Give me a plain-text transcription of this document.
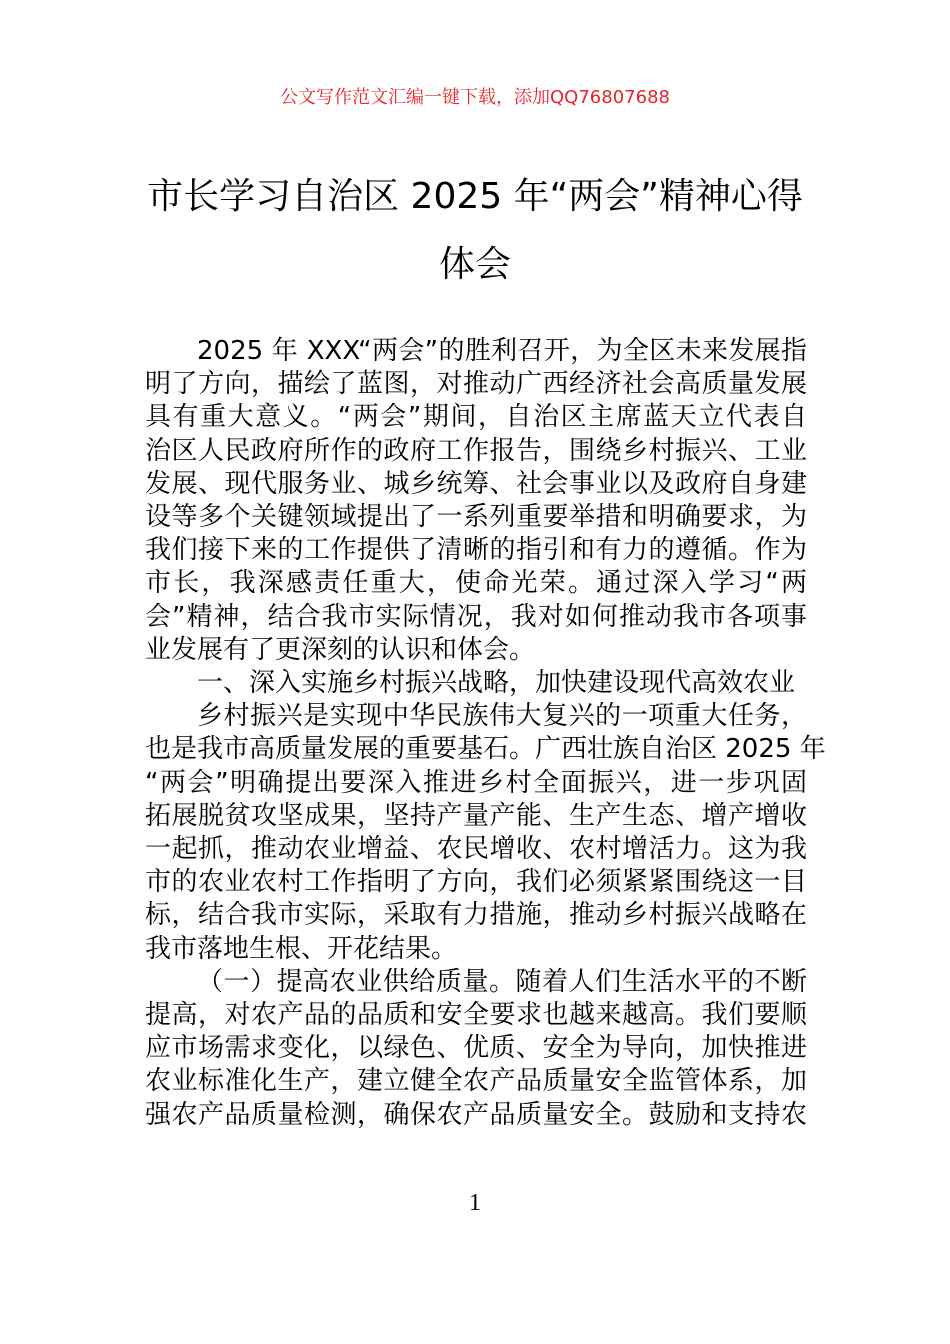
公文写作范文汇编一键下载，添加QQ76807688
市长学习自治区 2025 年“两会”精神心得
体会
2025 年 XXX“两会”的胜利召开，为全区未来发展指
明了方向，描绘了蓝图，对推动广西经济社会高质量发展
具有重大意义。“两会”期间，自治区主席蓝天立代表自
治区人民政府所作的政府工作报告，围绕乡村振兴、工业
发展、现代服务业、城乡统筹、社会事业以及政府自身建
设等多个关键领域提出了一系列重要举措和明确要求，为
我们接下来的工作提供了清晰的指引和有力的遵循。作为
市长，我深感责任重大，使命光荣。通过深入学习“两
会”精神，结合我市实际情况，我对如何推动我市各项事
业发展有了更深刻的认识和体会。
一、深入实施乡村振兴战略，加快建设现代高效农业
乡村振兴是实现中华民族伟大复兴的一项重大任务，
也是我市高质量发展的重要基石。广西壮族自治区 2025 年
“两会”明确提出要深入推进乡村全面振兴，进一步巩固
拓展脱贫攻坚成果，坚持产量产能、生产生态、增产增收
一起抓，推动农业增益、农民增收、农村增活力。这为我
市的农业农村工作指明了方向，我们必须紧紧围绕这一目
标，结合我市实际，采取有力措施，推动乡村振兴战略在
我市落地生根、开花结果。
（一）提高农业供给质量。随着人们生活水平的不断
提高，对农产品的品质和安全要求也越来越高。我们要顺
应市场需求变化，以绿色、优质、安全为导向，加快推进
农业标准化生产，建立健全农产品质量安全监管体系，加
强农产品质量检测，确保农产品质量安全。鼓励和支持农
1
